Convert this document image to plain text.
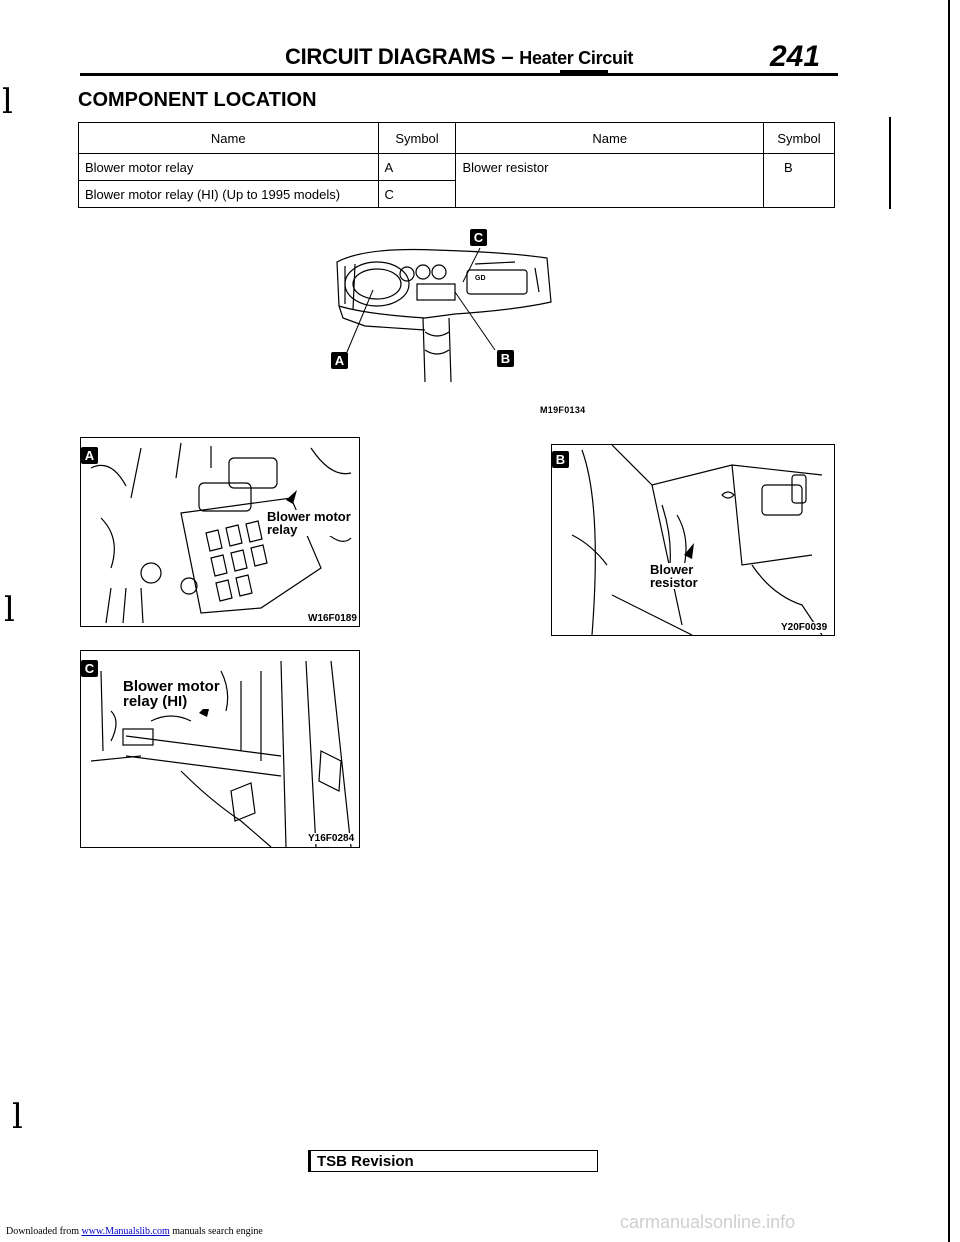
CIRCUIT DIAGRAMS – Heater Circuit	241
ⅼ	COMPONENT LOCATION
Name	Symbol	Name	Symbol
Blower motor relay	A	Blower resistor	B
Blower motor relay (HI) (Up to 1995 models)	C		
GD
C
A	B
M19F0134
A
Blower motor
relay
W16F0189
B
Blower
resistor
Y20F0039
ⅼ
C
Blower motor
relay (HI)
Y16F0284
ⅼ
TSB Revision
Downloaded from www.Manualslib.com manuals search engine	carmanualsonline.info
